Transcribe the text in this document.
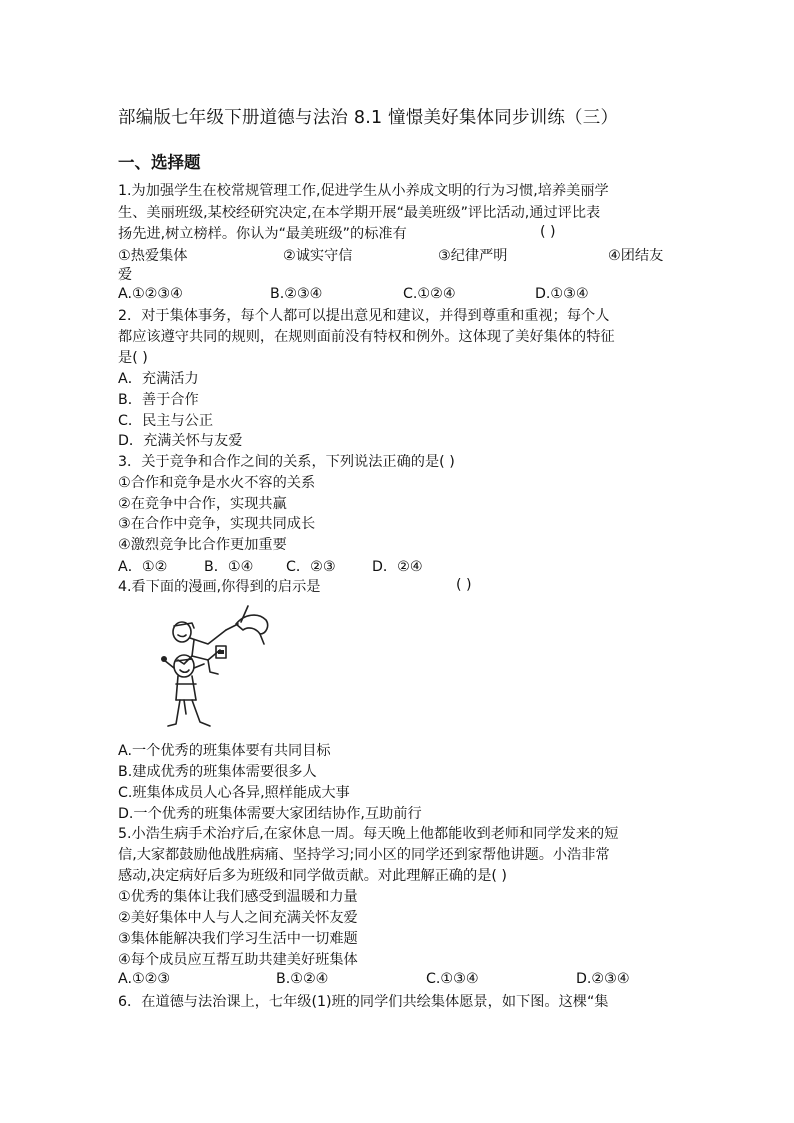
部编版七年级下册道德与法治 8.1 憧憬美好集体同步训练（三）
一、选择题
1.为加强学生在校常规管理工作,促进学生从小养成文明的行为习惯,培养美丽学
生、美丽班级,某校经研究决定,在本学期开展“最美班级”评比活动,通过评比表
扬先进,树立榜样。你认为“最美班级”的标准有	( )
①热爱集体	②诚实守信	③纪律严明	④团结友
爱
A.①②③④	B.②③④	C.①②④	D.①③④
2．对于集体事务，每个人都可以提出意见和建议，并得到尊重和重视；每个人
都应该遵守共同的规则，在规则面前没有特权和例外。这体现了美好集体的特征
是( )
A．充满活力
B．善于合作
C．民主与公正
D．充满关怀与友爱
3．关于竞争和合作之间的关系，下列说法正确的是( )
①合作和竞争是水火不容的关系
②在竞争中合作，实现共赢
③在合作中竞争，实现共同成长
④激烈竞争比合作更加重要
A．①②	B．①④ C．②③	D．②④
4.看下面的漫画,你得到的启示是	( )
A.一个优秀的班集体要有共同目标
B.建成优秀的班集体需要很多人
C.班集体成员人心各异,照样能成大事
D.一个优秀的班集体需要大家团结协作,互助前行
5.小浩生病手术治疗后,在家休息一周。每天晚上他都能收到老师和同学发来的短
信,大家都鼓励他战胜病痛、坚持学习;同小区的同学还到家帮他讲题。小浩非常
感动,决定病好后多为班级和同学做贡献。对此理解正确的是( )
①优秀的集体让我们感受到温暖和力量
②美好集体中人与人之间充满关怀友爱
③集体能解决我们学习生活中一切难题
④每个成员应互帮互助共建美好班集体
A.①②③	B.①②④	C.①③④	D.②③④
6．在道德与法治课上，七年级(1)班的同学们共绘集体愿景，如下图。这棵“集
